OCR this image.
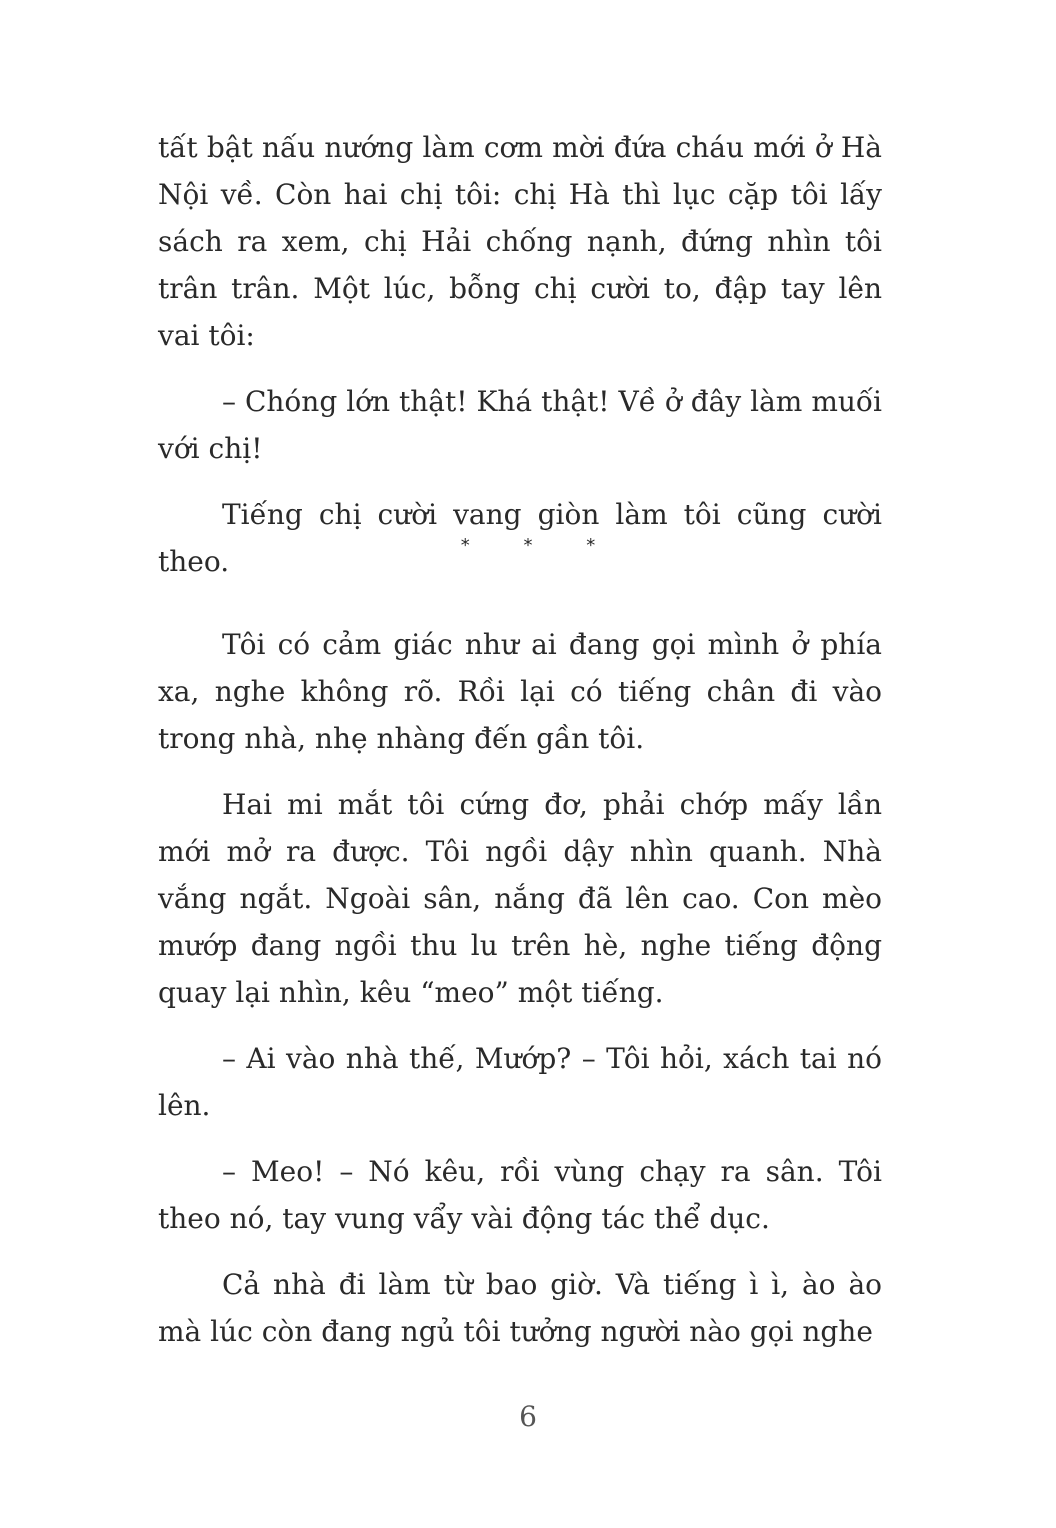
tất bật nấu nướng làm cơm mời đứa cháu mới ở Hà Nội về. Còn hai chị tôi: chị Hà thì lục cặp tôi lấy sách ra xem, chị Hải chống nạnh, đứng nhìn tôi trân trân. Một lúc, bỗng chị cười to, đập tay lên vai tôi:

– Chóng lớn thật! Khá thật! Về ở đây làm muối với chị!

Tiếng chị cười vang giòn làm tôi cũng cười theo.	* * *

Tôi có cảm giác như ai đang gọi mình ở phía xa, nghe không rõ. Rồi lại có tiếng chân đi vào trong nhà, nhẹ nhàng đến gần tôi.

Hai mi mắt tôi cứng đơ, phải chớp mấy lần mới mở ra được. Tôi ngồi dậy nhìn quanh. Nhà vắng ngắt. Ngoài sân, nắng đã lên cao. Con mèo mướp đang ngồi thu lu trên hè, nghe tiếng động quay lại nhìn, kêu “meo” một tiếng.

– Ai vào nhà thế, Mướp? – Tôi hỏi, xách tai nó lên.

– Meo! – Nó kêu, rồi vùng chạy ra sân. Tôi theo nó, tay vung vẩy vài động tác thể dục.

Cả nhà đi làm từ bao giờ. Và tiếng ì ì, ào ào mà lúc còn đang ngủ tôi tưởng người nào gọi nghe

6
